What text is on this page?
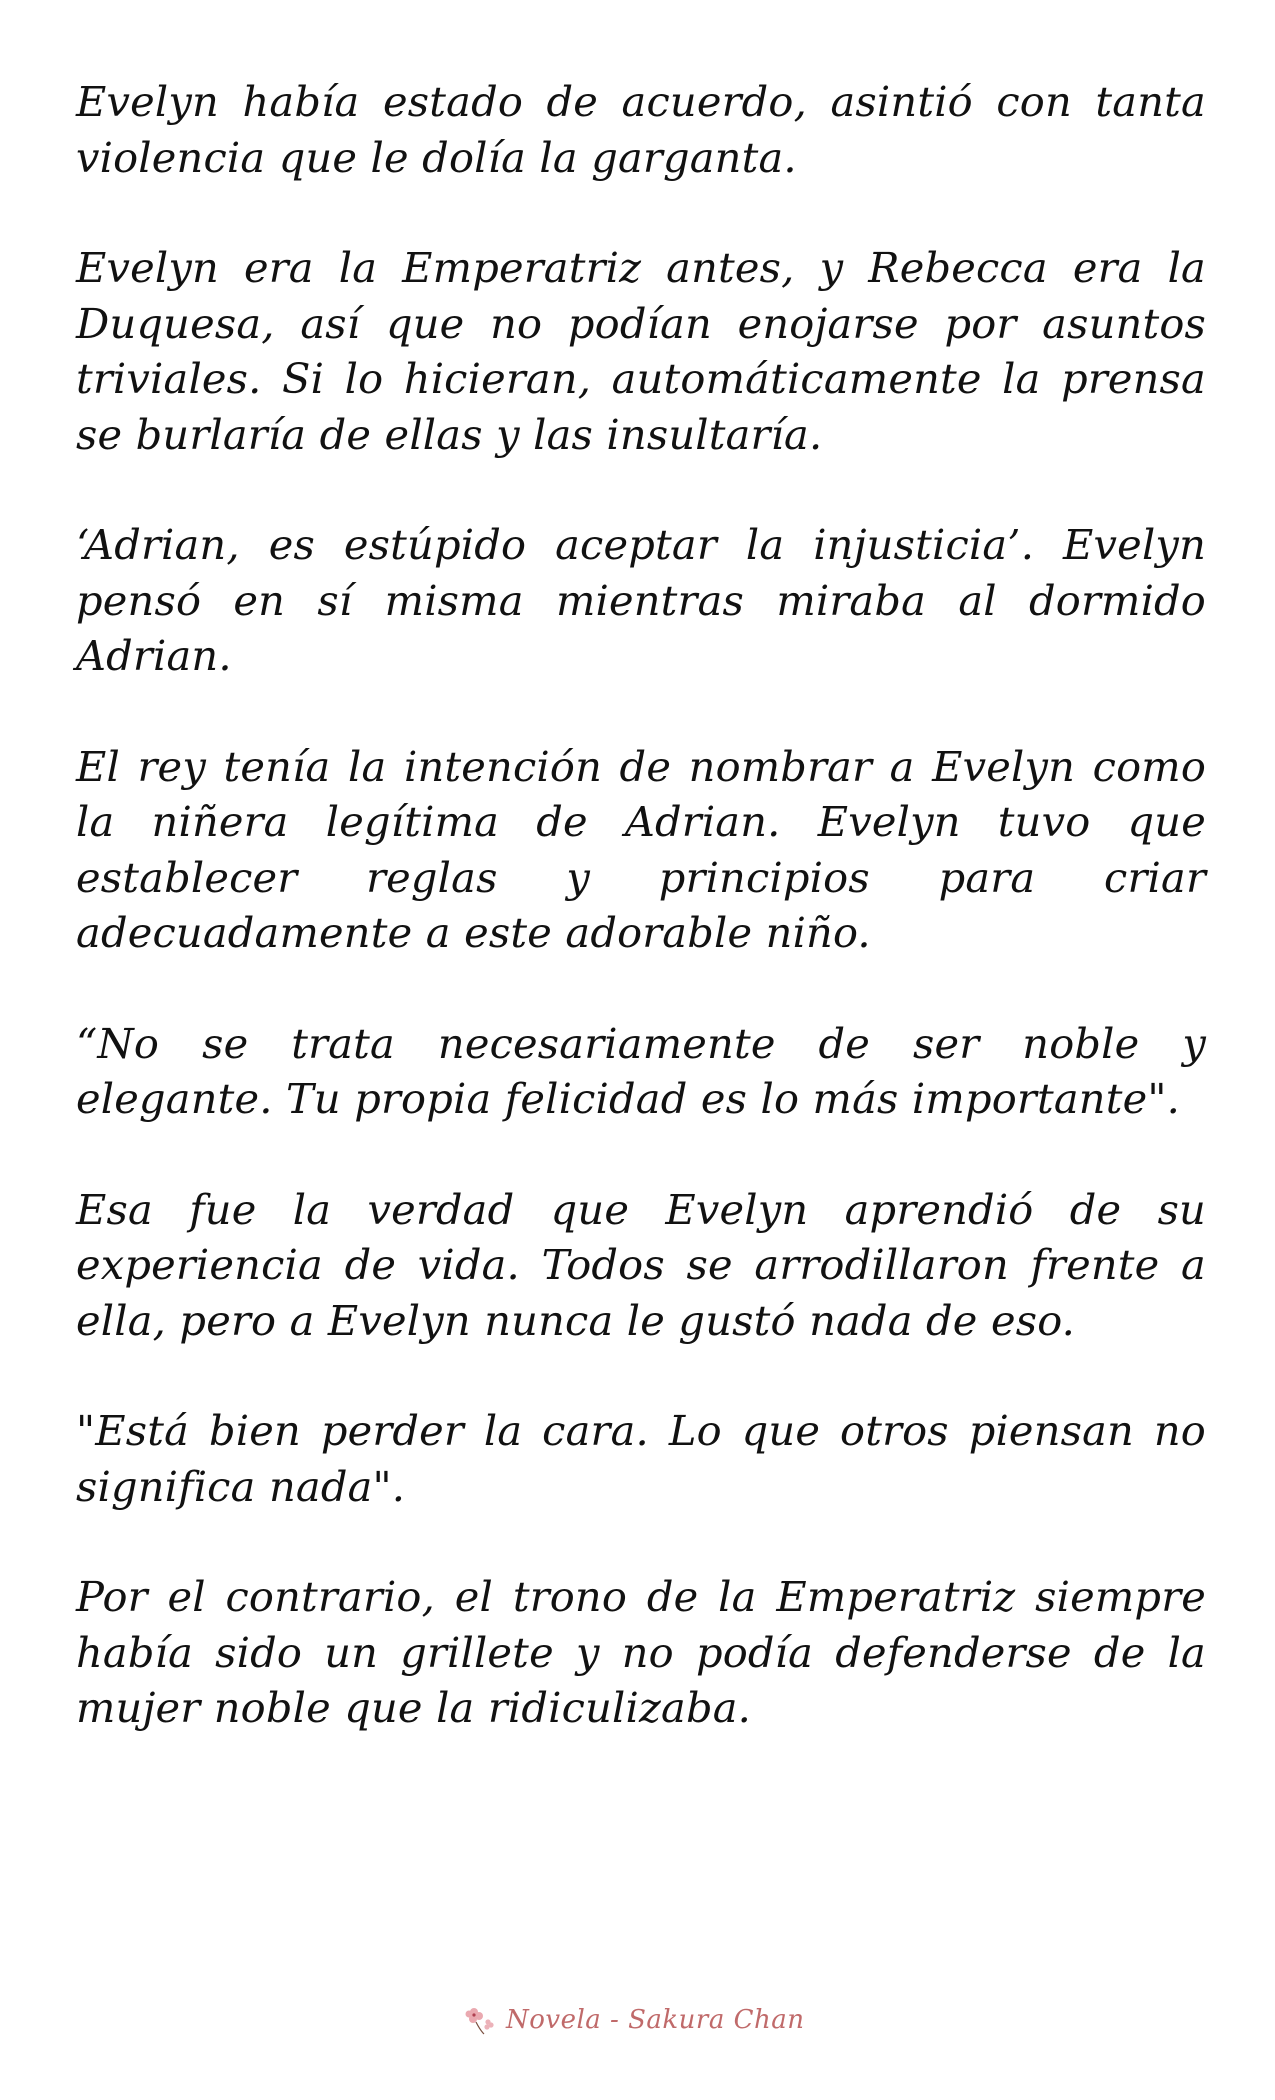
Evelyn había estado de acuerdo, asintió con tanta violencia que le dolía la garganta.

Evelyn era la Emperatriz antes, y Rebecca era la Duquesa, así que no podían enojarse por asuntos triviales. Si lo hicieran, automáticamente la prensa se burlaría de ellas y las insultaría.

‘Adrian, es estúpido aceptar la injusticia’. Evelyn pensó en sí misma mientras miraba al dormido Adrian.

El rey tenía la intención de nombrar a Evelyn como la niñera legítima de Adrian. Evelyn tuvo que establecer reglas y principios para criar adecuadamente a este adorable niño.

“No se trata necesariamente de ser noble y elegante. Tu propia felicidad es lo más importante".

Esa fue la verdad que Evelyn aprendió de su experiencia de vida. Todos se arrodillaron frente a ella, pero a Evelyn nunca le gustó nada de eso.

"Está bien perder la cara. Lo que otros piensan no significa nada".

Por el contrario, el trono de la Emperatriz siempre había sido un grillete y no podía defenderse de la mujer noble que la ridiculizaba.

Novela - Sakura Chan
